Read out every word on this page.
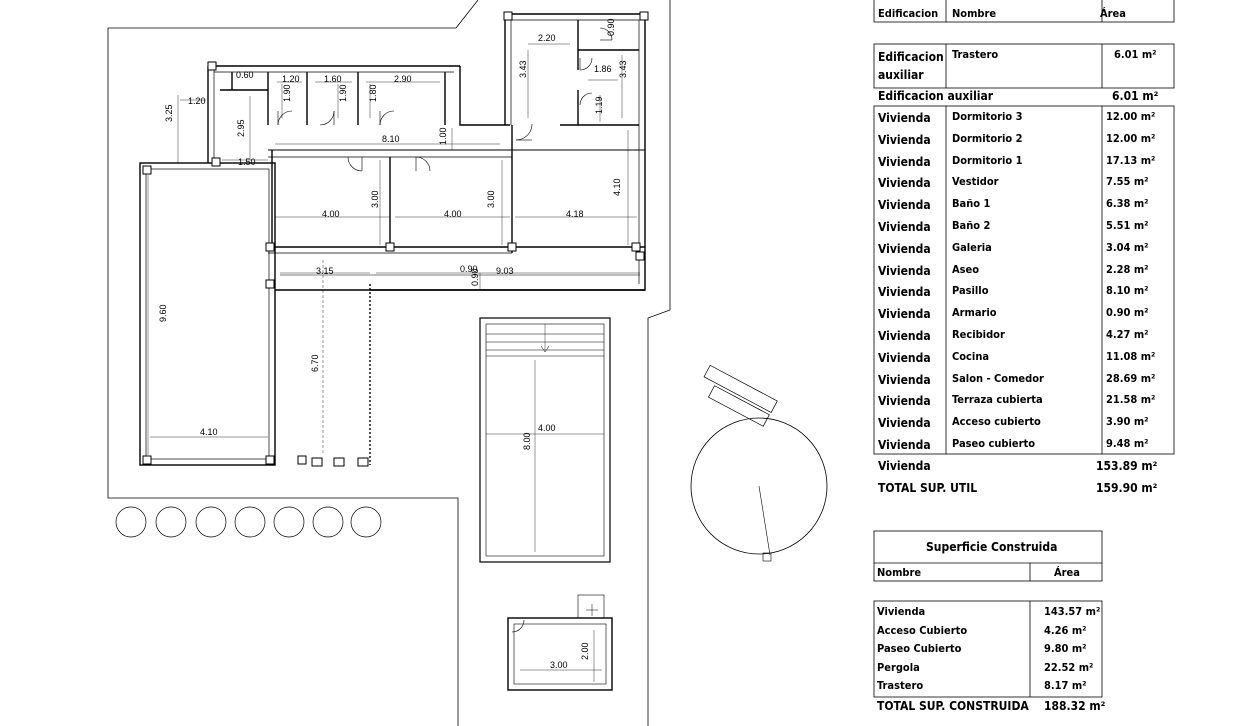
2.20
0.90
1.86
3.43	3.43
1.19
0.60	1.20	1.60	2.90
1.90	1.90 1.80
3.25
1.20
2.95
8.10	1.00
1.50
4.00
3.00
4.00
3.00
4.18
4.10
3.15	0.90 9.03
0.90
9.60
6.70
4.10	4.00
8.00
3.00
2.00
Edificacion Nombre	Área
Edificacion
auxiliar
Trastero	6.01 m²
Edificacion auxiliar	6.01 m²
Vivienda Dormitorio 3	12.00 m²
Vivienda Dormitorio 2	12.00 m²
Vivienda Dormitorio 1	17.13 m²
Vivienda Vestidor	7.55 m²
Vivienda Baño 1	6.38 m²
Vivienda Baño 2	5.51 m²
Vivienda Galeria	3.04 m²
Vivienda Aseo	2.28 m²
Vivienda Pasillo	8.10 m²
Vivienda Armario	0.90 m²
Vivienda Recibidor	4.27 m²
Vivienda Cocina	11.08 m²
Vivienda Salon - Comedor	28.69 m²
Vivienda Terraza cubierta	21.58 m²
Vivienda Acceso cubierto	3.90 m²
Vivienda Paseo cubierto	9.48 m²
Vivienda	153.89 m²
TOTAL SUP. UTIL	159.90 m²
Superficie Construida
Nombre	Área
Vivienda	143.57 m²
Acceso Cubierto	4.26 m²
Paseo Cubierto	9.80 m²
Pergola	22.52 m²
Trastero	8.17 m²
TOTAL SUP. CONSTRUIDA 188.32 m²
